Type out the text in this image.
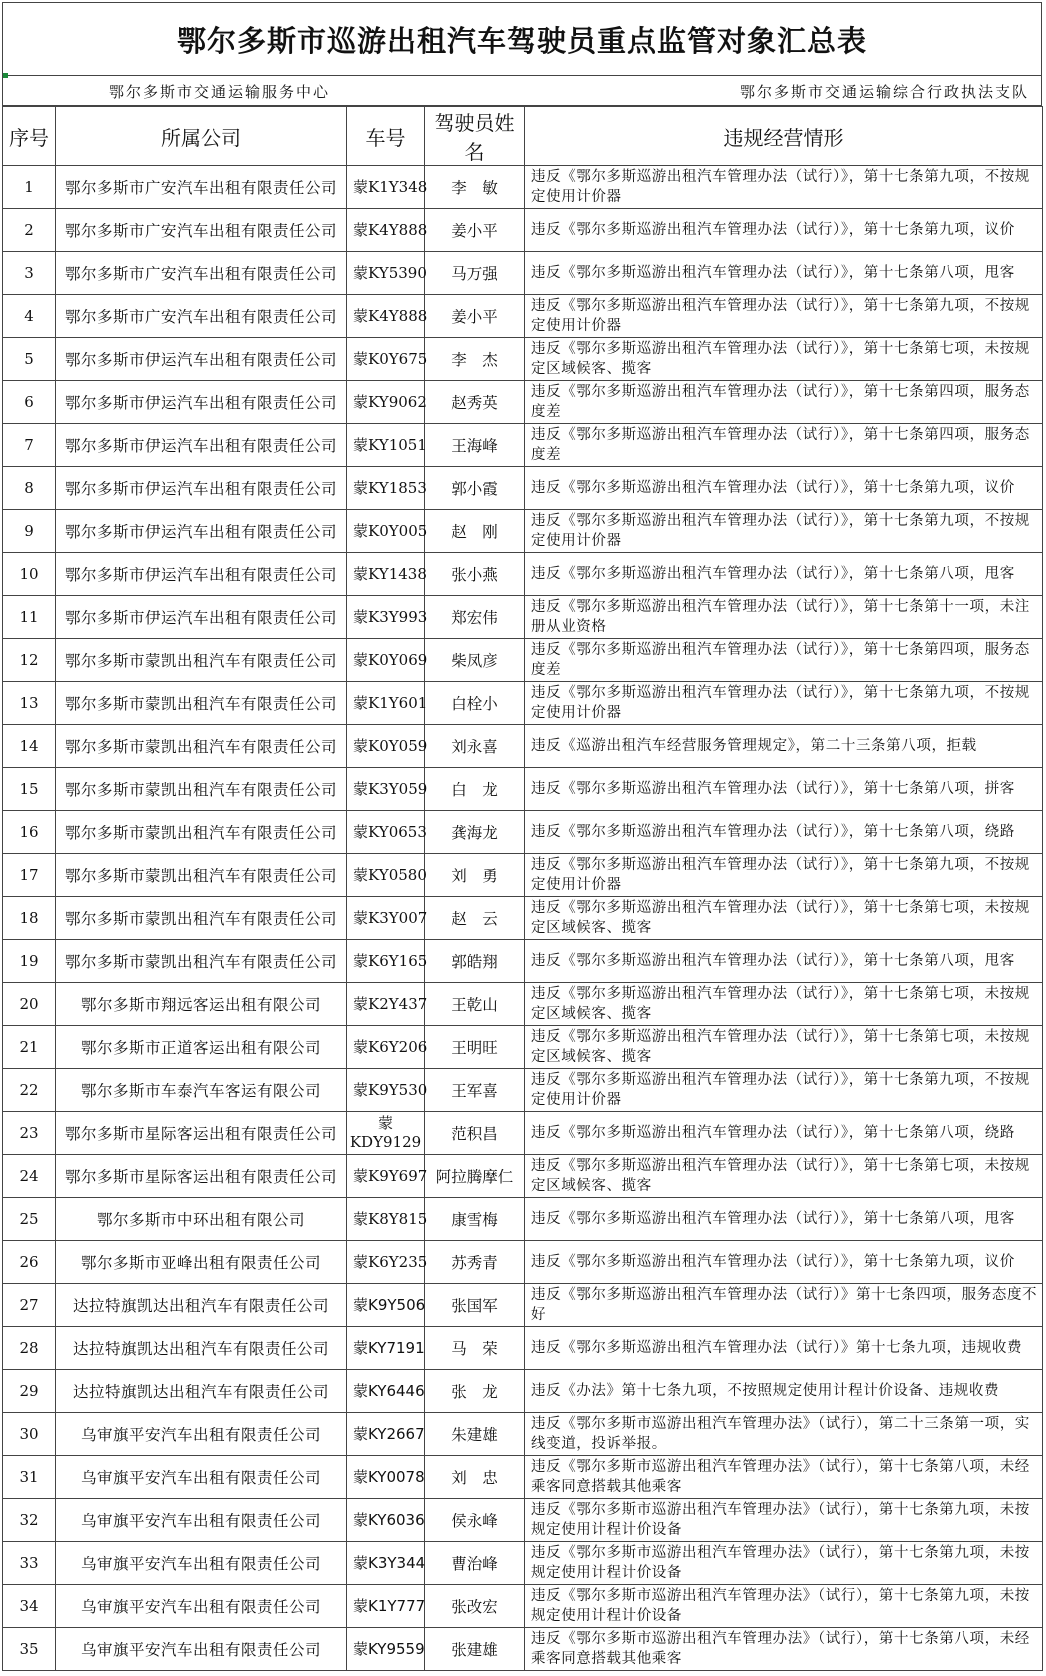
鄂尔多斯市巡游出租汽车驾驶员重点监管对象汇总表
鄂尔多斯市交通运输服务中心	鄂尔多斯市交通运输综合行政执法支队
序号	所属公司	车号	驾驶员姓名	违规经营情形
1	鄂尔多斯市广安汽车出租有限责任公司	蒙K1Y348	李　敏	违反《鄂尔多斯巡游出租汽车管理办法（试行）》，第十七条第九项，不按规定使用计价器
2	鄂尔多斯市广安汽车出租有限责任公司	蒙K4Y888	姜小平	违反《鄂尔多斯巡游出租汽车管理办法（试行）》，第十七条第九项，议价
3	鄂尔多斯市广安汽车出租有限责任公司	蒙KY5390	马万强	违反《鄂尔多斯巡游出租汽车管理办法（试行）》，第十七条第八项，甩客
4	鄂尔多斯市广安汽车出租有限责任公司	蒙K4Y888	姜小平	违反《鄂尔多斯巡游出租汽车管理办法（试行）》，第十七条第九项，不按规定使用计价器
5	鄂尔多斯市伊运汽车出租有限责任公司	蒙K0Y675	李　杰	违反《鄂尔多斯巡游出租汽车管理办法（试行）》，第十七条第七项，未按规定区域候客、揽客
6	鄂尔多斯市伊运汽车出租有限责任公司	蒙KY9062	赵秀英	违反《鄂尔多斯巡游出租汽车管理办法（试行）》，第十七条第四项，服务态度差
7	鄂尔多斯市伊运汽车出租有限责任公司	蒙KY1051	王海峰	违反《鄂尔多斯巡游出租汽车管理办法（试行）》，第十七条第四项，服务态度差
8	鄂尔多斯市伊运汽车出租有限责任公司	蒙KY1853	郭小霞	违反《鄂尔多斯巡游出租汽车管理办法（试行）》，第十七条第九项，议价
9	鄂尔多斯市伊运汽车出租有限责任公司	蒙K0Y005	赵　刚	违反《鄂尔多斯巡游出租汽车管理办法（试行）》，第十七条第九项，不按规定使用计价器
10	鄂尔多斯市伊运汽车出租有限责任公司	蒙KY1438	张小燕	违反《鄂尔多斯巡游出租汽车管理办法（试行）》，第十七条第八项，甩客
11	鄂尔多斯市伊运汽车出租有限责任公司	蒙K3Y993	郑宏伟	违反《鄂尔多斯巡游出租汽车管理办法（试行）》，第十七条第十一项，未注册从业资格
12	鄂尔多斯市蒙凯出租汽车有限责任公司	蒙K0Y069	柴凤彦	违反《鄂尔多斯巡游出租汽车管理办法（试行）》，第十七条第四项，服务态度差
13	鄂尔多斯市蒙凯出租汽车有限责任公司	蒙K1Y601	白栓小	违反《鄂尔多斯巡游出租汽车管理办法（试行）》，第十七条第九项，不按规定使用计价器
14	鄂尔多斯市蒙凯出租汽车有限责任公司	蒙K0Y059	刘永喜	违反《巡游出租汽车经营服务管理规定》，第二十三条第八项，拒载
15	鄂尔多斯市蒙凯出租汽车有限责任公司	蒙K3Y059	白　龙	违反《鄂尔多斯巡游出租汽车管理办法（试行）》，第十七条第八项，拼客
16	鄂尔多斯市蒙凯出租汽车有限责任公司	蒙KY0653	龚海龙	违反《鄂尔多斯巡游出租汽车管理办法（试行）》，第十七条第八项，绕路
17	鄂尔多斯市蒙凯出租汽车有限责任公司	蒙KY0580	刘　勇	违反《鄂尔多斯巡游出租汽车管理办法（试行）》，第十七条第九项，不按规定使用计价器
18	鄂尔多斯市蒙凯出租汽车有限责任公司	蒙K3Y007	赵　云	违反《鄂尔多斯巡游出租汽车管理办法（试行）》，第十七条第七项，未按规定区域候客、揽客
19	鄂尔多斯市蒙凯出租汽车有限责任公司	蒙K6Y165	郭皓翔	违反《鄂尔多斯巡游出租汽车管理办法（试行）》，第十七条第八项，甩客
20	鄂尔多斯市翔远客运出租有限公司	蒙K2Y437	王乾山	违反《鄂尔多斯巡游出租汽车管理办法（试行）》，第十七条第七项，未按规定区域候客、揽客
21	鄂尔多斯市正道客运出租有限公司	蒙K6Y206	王明旺	违反《鄂尔多斯巡游出租汽车管理办法（试行）》，第十七条第七项，未按规定区域候客、揽客
22	鄂尔多斯市车泰汽车客运有限公司	蒙K9Y530	王军喜	违反《鄂尔多斯巡游出租汽车管理办法（试行）》，第十七条第九项，不按规定使用计价器
23	鄂尔多斯市星际客运出租有限责任公司	蒙
KDY9129	范积昌	违反《鄂尔多斯巡游出租汽车管理办法（试行）》，第十七条第八项，绕路
24	鄂尔多斯市星际客运出租有限责任公司	蒙K9Y697	阿拉腾摩仁	违反《鄂尔多斯巡游出租汽车管理办法（试行）》，第十七条第七项，未按规定区域候客、揽客
25	鄂尔多斯市中环出租有限公司	蒙K8Y815	康雪梅	违反《鄂尔多斯巡游出租汽车管理办法（试行）》，第十七条第八项，甩客
26	鄂尔多斯市亚峰出租有限责任公司	蒙K6Y235	苏秀青	违反《鄂尔多斯巡游出租汽车管理办法（试行）》，第十七条第九项，议价
27	达拉特旗凯达出租汽车有限责任公司	蒙K9Y506	张国军	违反《鄂尔多斯巡游出租汽车管理办法（试行）》第十七条四项，服务态度不好
28	达拉特旗凯达出租汽车有限责任公司	蒙KY7191	马　荣	违反《鄂尔多斯巡游出租汽车管理办法（试行）》第十七条九项，违规收费
29	达拉特旗凯达出租汽车有限责任公司	蒙KY6446	张　龙	违反《办法》第十七条九项，不按照规定使用计程计价设备、违规收费
30	乌审旗平安汽车出租有限责任公司	蒙KY2667	朱建雄	违反《鄂尔多斯市巡游出租汽车管理办法》（试行），第二十三条第一项，实线变道，投诉举报。
31	乌审旗平安汽车出租有限责任公司	蒙KY0078	刘　忠	违反《鄂尔多斯市巡游出租汽车管理办法》（试行），第十七条第八项，未经乘客同意搭载其他乘客
32	乌审旗平安汽车出租有限责任公司	蒙KY6036	侯永峰	违反《鄂尔多斯市巡游出租汽车管理办法》（试行），第十七条第九项，未按规定使用计程计价设备
33	乌审旗平安汽车出租有限责任公司	蒙K3Y344	曹治峰	违反《鄂尔多斯市巡游出租汽车管理办法》（试行），第十七条第九项，未按规定使用计程计价设备
34	乌审旗平安汽车出租有限责任公司	蒙K1Y777	张改宏	违反《鄂尔多斯市巡游出租汽车管理办法》（试行），第十七条第九项，未按规定使用计程计价设备
35	乌审旗平安汽车出租有限责任公司	蒙KY9559	张建雄	违反《鄂尔多斯市巡游出租汽车管理办法》（试行），第十七条第八项，未经乘客同意搭载其他乘客
